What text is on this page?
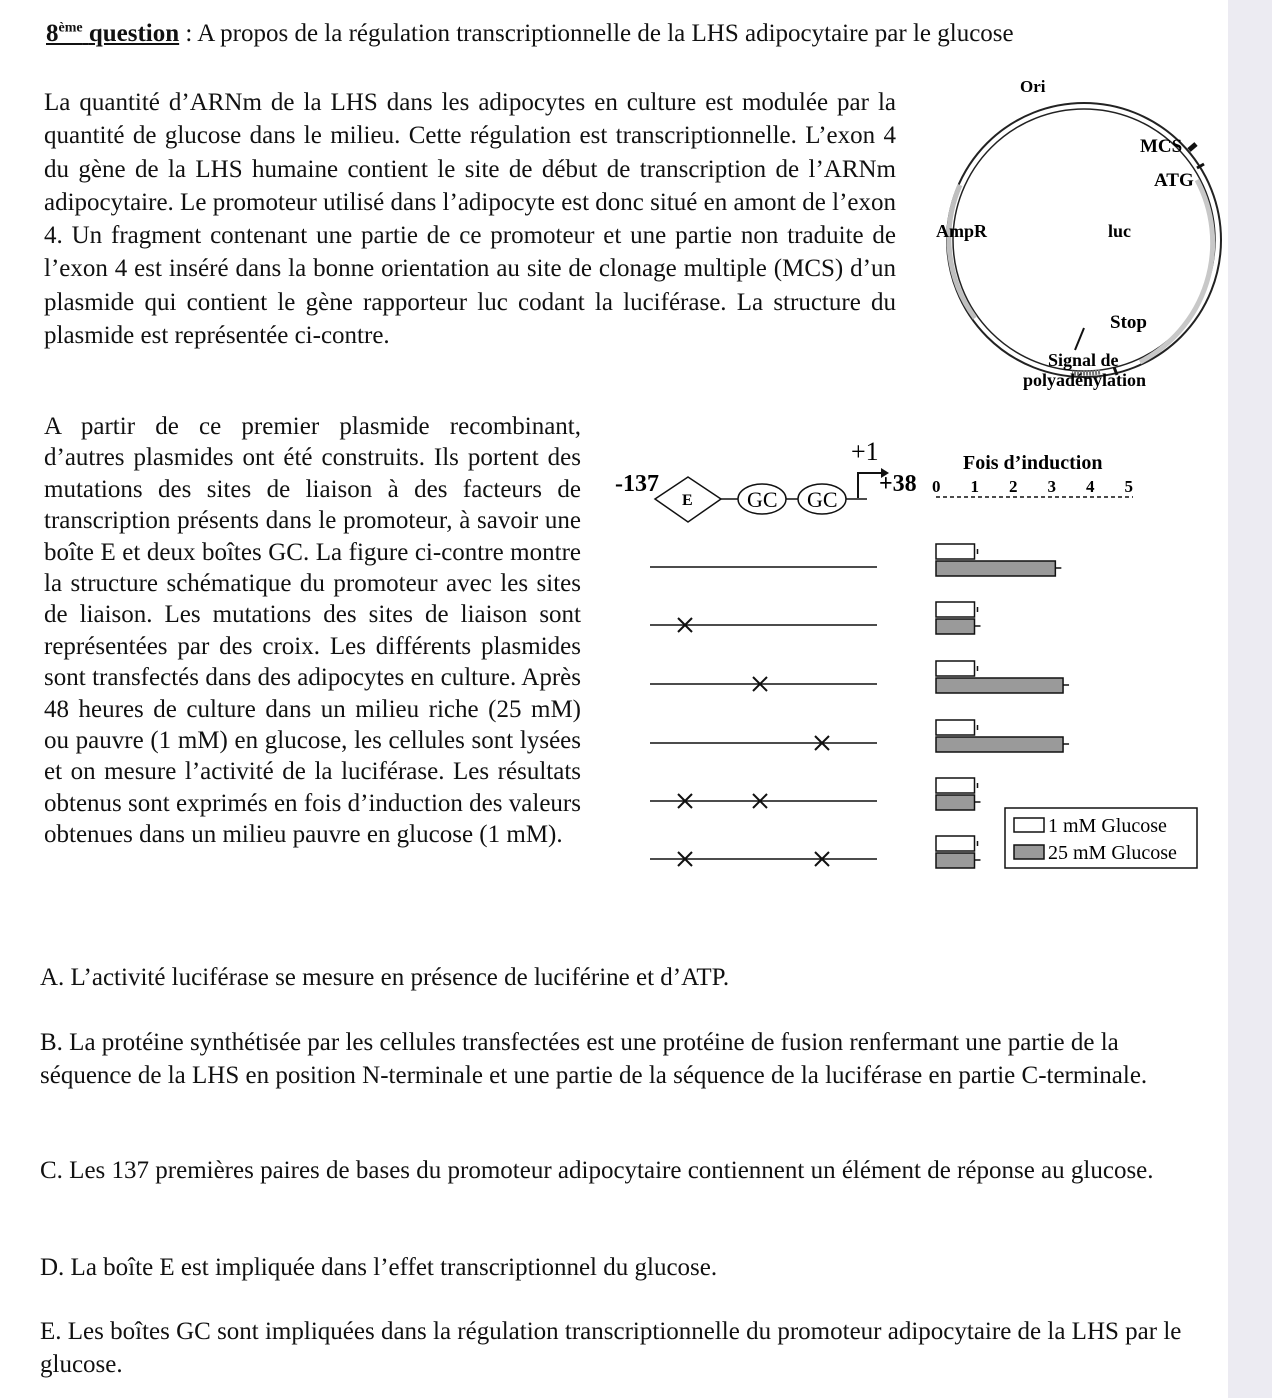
8ème question : A propos de la régulation transcriptionnelle de la LHS adipocytaire par le glucose
La quantité d’ARNm de la LHS dans les adipocytes en culture est modulée par la quantité de glucose dans le milieu. Cette régulation est transcriptionnelle. L’exon 4 du gène de la LHS humaine contient le site de début de transcription de l’ARNm adipocytaire. Le promoteur utilisé dans l’adipocyte est donc situé en amont de l’exon 4. Un fragment contenant une partie de ce promoteur et une partie non traduite de l’exon 4 est inséré dans la bonne orientation au site de clonage multiple (MCS) d’un plasmide qui contient le gène rapporteur luc codant la luciférase. La structure du plasmide est représentée ci-contre.
Ori
MCS
ATG
AmpR	luc
Stop
Signal de
polyadénylation
A partir de ce premier plasmide recombinant, d’autres plasmides ont été construits. Ils portent des mutations des sites de liaison à des facteurs de transcription présents dans le promoteur, à savoir une boîte E et deux boîtes GC. La figure ci-contre montre la structure schématique du promoteur avec les sites de liaison. Les mutations des sites de liaison sont représentées par des croix. Les différents plasmides sont transfectés dans des adipocytes en culture. Après 48 heures de culture dans un milieu riche (25 mM) ou pauvre (1 mM) en glucose, les cellules sont lysées et on mesure l’activité de la luciférase. Les résultats obtenus sont exprimés en fois d’induction des valeurs obtenues dans un milieu pauvre en glucose (1 mM).
-137
E GC GC
+1
+38
Fois d’induction
0 1 2 3 4 5
1 mM Glucose
25 mM Glucose
A. L’activité luciférase se mesure en présence de luciférine et d’ATP.
B. La protéine synthétisée par les cellules transfectées est une protéine de fusion renfermant une partie de la séquence de la LHS en position N-terminale et une partie de la séquence de la luciférase en partie C-terminale.
C. Les 137 premières paires de bases du promoteur adipocytaire contiennent un élément de réponse au glucose.
D. La boîte E est impliquée dans l’effet transcriptionnel du glucose.
E. Les boîtes GC sont impliquées dans la régulation transcriptionnelle du promoteur adipocytaire de la LHS par le glucose.
